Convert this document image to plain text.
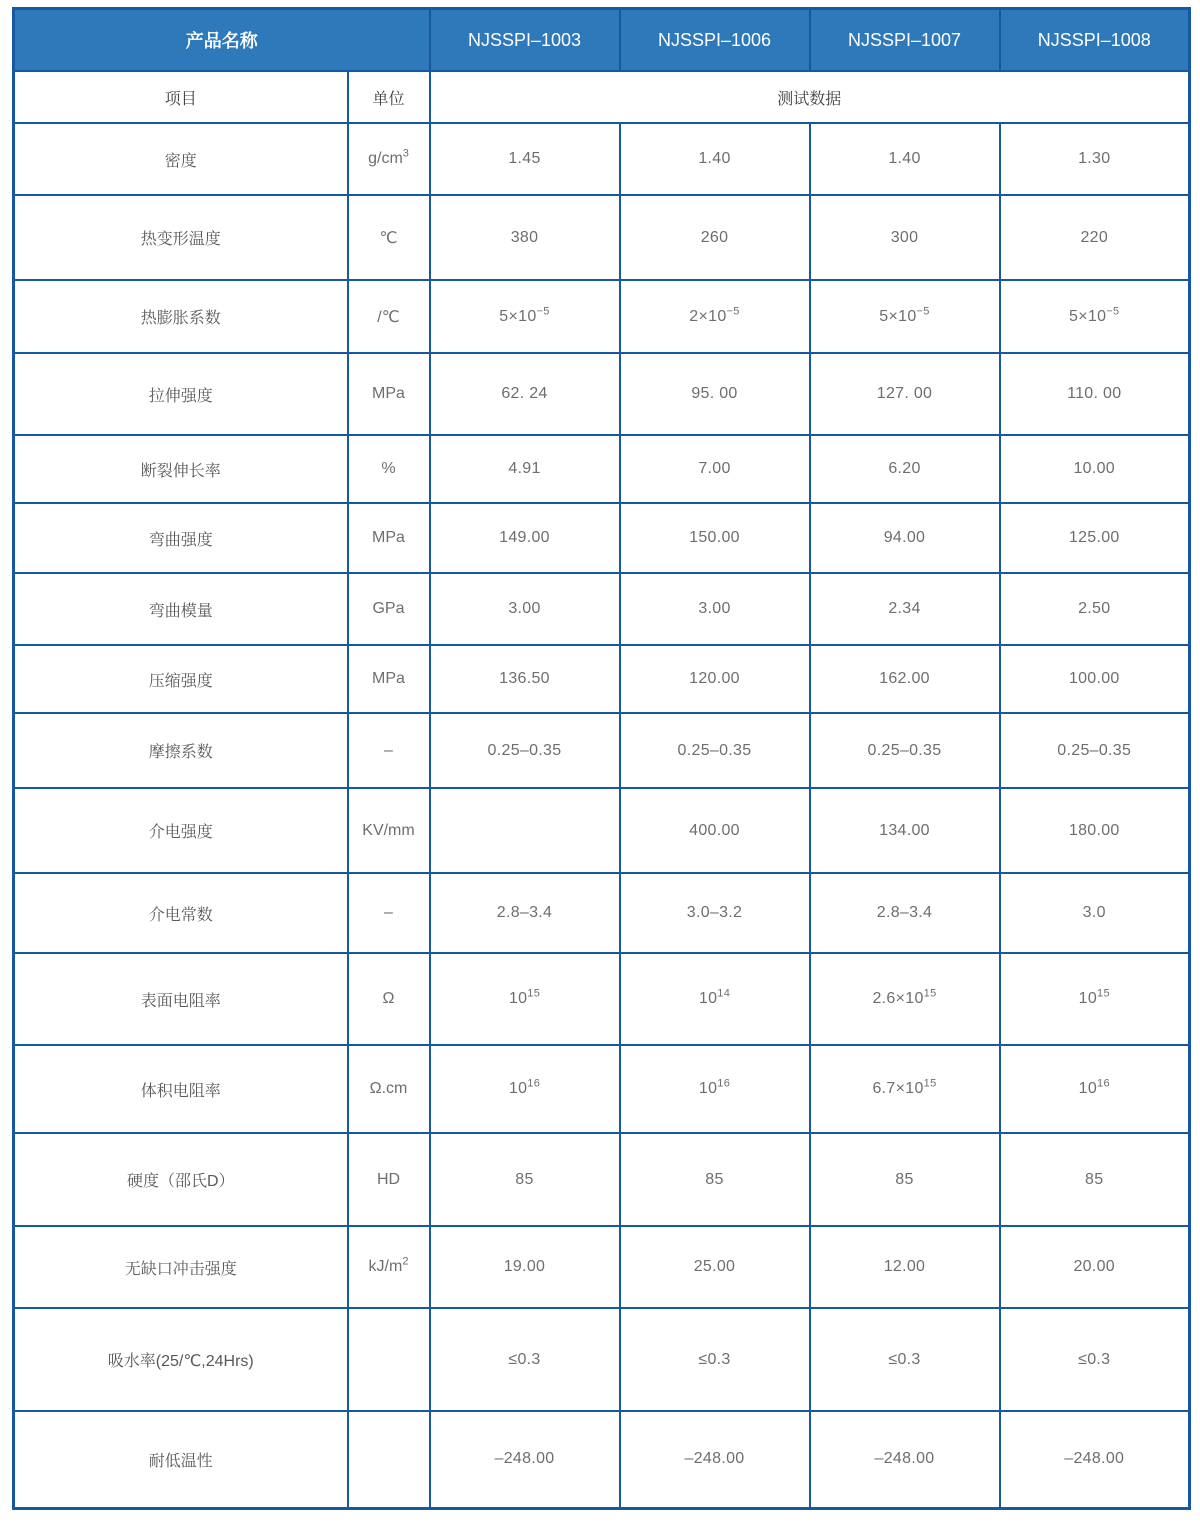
产品名称		NJSSPI–1003	NJSSPI–1006	NJSSPI–1007	NJSSPI–1008
项目	单位	测试数据			
密度	$g/cm^3$	1.45	1.40	1.40	1.30
热变形温度	℃	380	260	300	220
热膨胀系数	/℃	$5\times 10^{-5}$	$2\times 10^{-5}$	$5\times 10^{-5}$	$5\times 10^{-5}$
拉伸强度	MPa	62. 24	95. 00	127. 00	110. 00
断裂伸长率	%	4.91	7.00	6.20	10.00
弯曲强度	MPa	149.00	150.00	94.00	125.00
弯曲模量	GPa	3.00	3.00	2.34	2.50
压缩强度	MPa	136.50	120.00	162.00	100.00
摩擦系数	–	0.25–0.35	0.25–0.35	0.25–0.35	0.25–0.35
介电强度	KV/mm		400.00	134.00	180.00
介电常数	–	2.8–3.4	3.0–3.2	2.8–3.4	3.0
表面电阻率	Ω	$10^{15}$	$10^{14}$	$2.6\times 10^{15}$	$10^{15}$
体积电阻率	Ω.cm	$10^{16}$	$10^{16}$	$6.7\times 10^{15}$	$10^{16}$
硬度（邵氏D）	HD	85	85	85	85
无缺口冲击强度	$kJ/m^2$	19.00	25.00	12.00	20.00
吸水率(25/℃,24Hrs)		≤0.3	≤0.3	≤0.3	≤0.3
耐低温性		–248.00	–248.00	–248.00	–248.00
